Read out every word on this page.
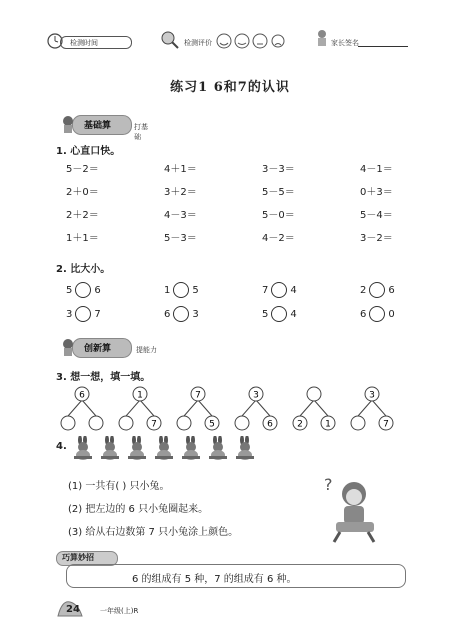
检测时间	检测评价	家长签名
练习1 6和7的认识
基础算	打基础
1. 心直口快。
2. 比大小。
创新算	提能力
3. 想一想，填一填。
6	1
7
7
5
3
6	2 1
3
7
4.
?
巧算妙招
6 的组成有 5 种，7 的组成有 6 种。
24	一年级(上)R
5－2＝	4＋1＝	3－3＝	4－1＝
2＋0＝	3＋2＝	5－5＝	0＋3＝
2＋2＝	4－3＝	5－0＝	5－4＝
1＋1＝	5－3＝	4－2＝	3－2＝
5 6	1 5	7 4	2 6
3 7	6 3	5 4	6 0
(1) 一共有( ) 只小兔。
(2) 把左边的 6 只小兔圈起来。
(3) 给从右边数第 7 只小兔涂上颜色。
